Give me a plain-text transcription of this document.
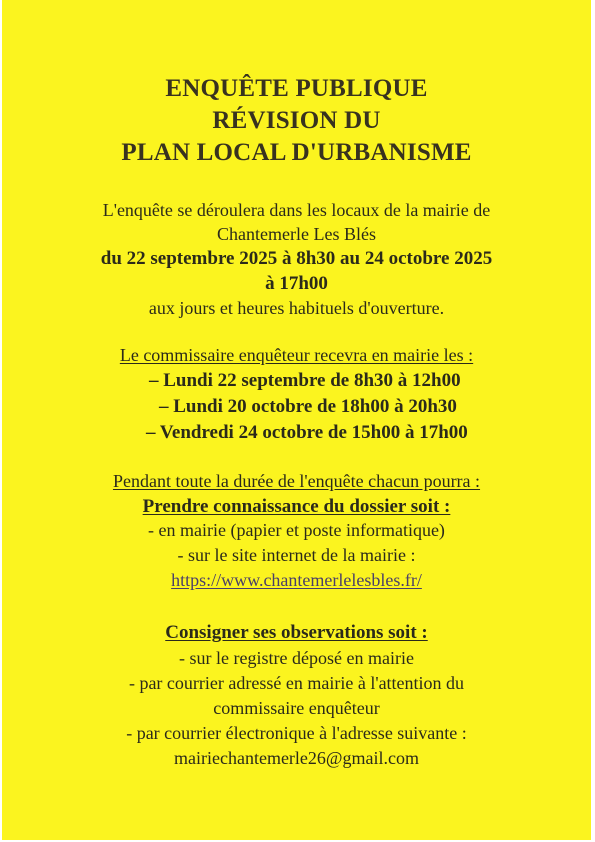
ENQUÊTE PUBLIQUE
RÉVISION DU
PLAN LOCAL D'URBANISME
L'enquête se déroulera dans les locaux de la mairie de
Chantemerle Les Blés
du 22 septembre 2025 à 8h30 au 24 octobre 2025
à 17h00
aux jours et heures habituels d'ouverture.
Le commissaire enquêteur recevra en mairie les :
– Lundi 22 septembre de 8h30 à 12h00
– Lundi 20 octobre de 18h00 à 20h30
– Vendredi 24 octobre de 15h00 à 17h00
Pendant toute la durée de l'enquête chacun pourra :
Prendre connaissance du dossier soit :
- en mairie (papier et poste informatique)
- sur le site internet de la mairie :
https://www.chantemerlelesbles.fr/
Consigner ses observations soit :
- sur le registre déposé en mairie
- par courrier adressé en mairie à l'attention du
commissaire enquêteur
- par courrier électronique à l'adresse suivante :
mairiechantemerle26@gmail.com
